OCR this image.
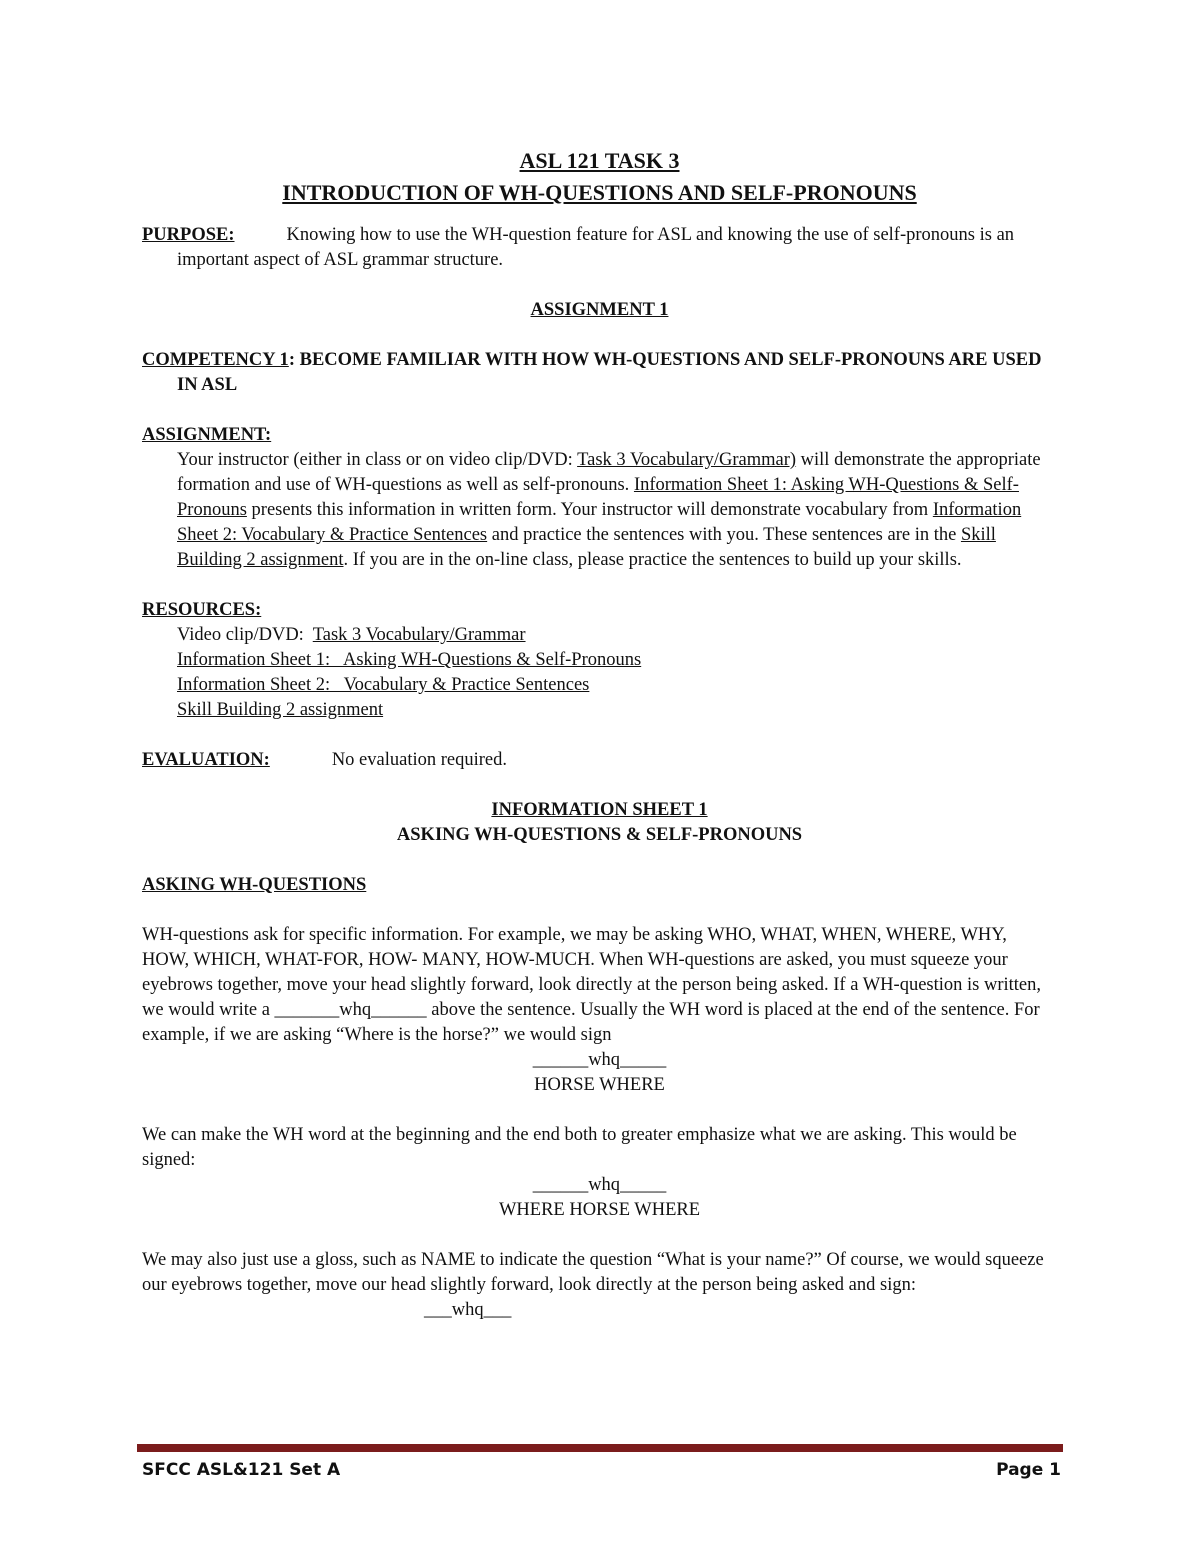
ASL 121 TASK 3

INTRODUCTION OF WH-QUESTIONS AND SELF-PRONOUNS

PURPOSE:	Knowing how to use the WH-question feature for ASL and knowing the use of self-pronouns is an important aspect of ASL grammar structure.

ASSIGNMENT 1

COMPETENCY 1: BECOME FAMILIAR WITH HOW WH-QUESTIONS AND SELF-PRONOUNS ARE USED IN ASL

ASSIGNMENT:

Your instructor (either in class or on video clip/DVD: Task 3 Vocabulary/Grammar) will demonstrate the appropriate formation and use of WH-questions as well as self-pronouns. Information Sheet 1: Asking WH-Questions & Self-Pronouns presents this information in written form. Your instructor will demonstrate vocabulary from Information Sheet 2: Vocabulary & Practice Sentences and practice the sentences with you. These sentences are in the Skill Building 2 assignment. If you are in the on-line class, please practice the sentences to build up your skills.

RESOURCES:

Video clip/DVD:  Task 3 Vocabulary/Grammar

Information Sheet 1:   Asking WH-Questions & Self-Pronouns

Information Sheet 2:   Vocabulary & Practice Sentences

Skill Building 2 assignment

EVALUATION:	No evaluation required.

INFORMATION SHEET 1

ASKING WH-QUESTIONS & SELF-PRONOUNS

ASKING WH-QUESTIONS

WH-questions ask for specific information. For example, we may be asking WHO, WHAT, WHEN, WHERE, WHY, HOW, WHICH, WHAT-FOR, HOW- MANY, HOW-MUCH. When WH-questions are asked, you must squeeze your eyebrows together, move your head slightly forward, look directly at the person being asked. If a WH-question is written, we would write a _______whq______ above the sentence. Usually the WH word is placed at the end of the sentence. For example, if we are asking “Where is the horse?” we would sign

______whq_____

HORSE WHERE

We can make the WH word at the beginning and the end both to greater emphasize what we are asking. This would be signed:

______whq_____

WHERE HORSE WHERE

We may also just use a gloss, such as NAME to indicate the question “What is your name?” Of course, we would squeeze our eyebrows together, move our head slightly forward, look directly at the person being asked and sign:

___whq___

SFCC ASL&121 Set A	Page 1
